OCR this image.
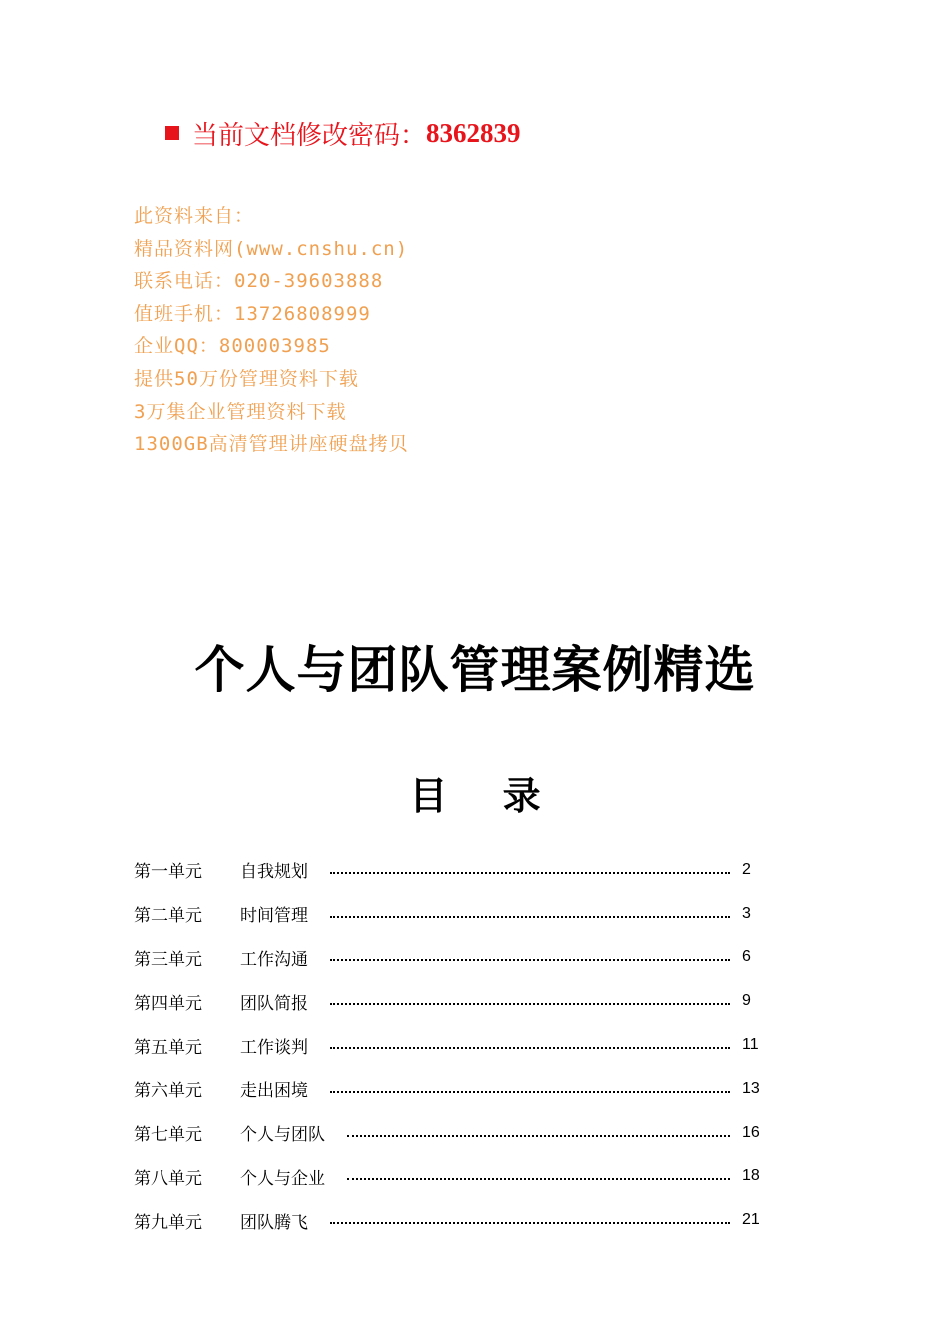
当前文档修改密码： 8362839
此资料来自：
精品资料网(www.cnshu.cn)
联系电话：020-39603888
值班手机：13726808999
企业QQ：800003985
提供50万份管理资料下载
3万集企业管理资料下载
1300GB高清管理讲座硬盘拷贝
个人与团队管理案例精选
目 录
第一单元	自我规划	2
第二单元	时间管理	3
第三单元	工作沟通	6
第四单元	团队简报	9
第五单元	工作谈判	11
第六单元	走出困境	13
第七单元	个人与团队	16
第八单元	个人与企业	18
第九单元	团队腾飞	21
